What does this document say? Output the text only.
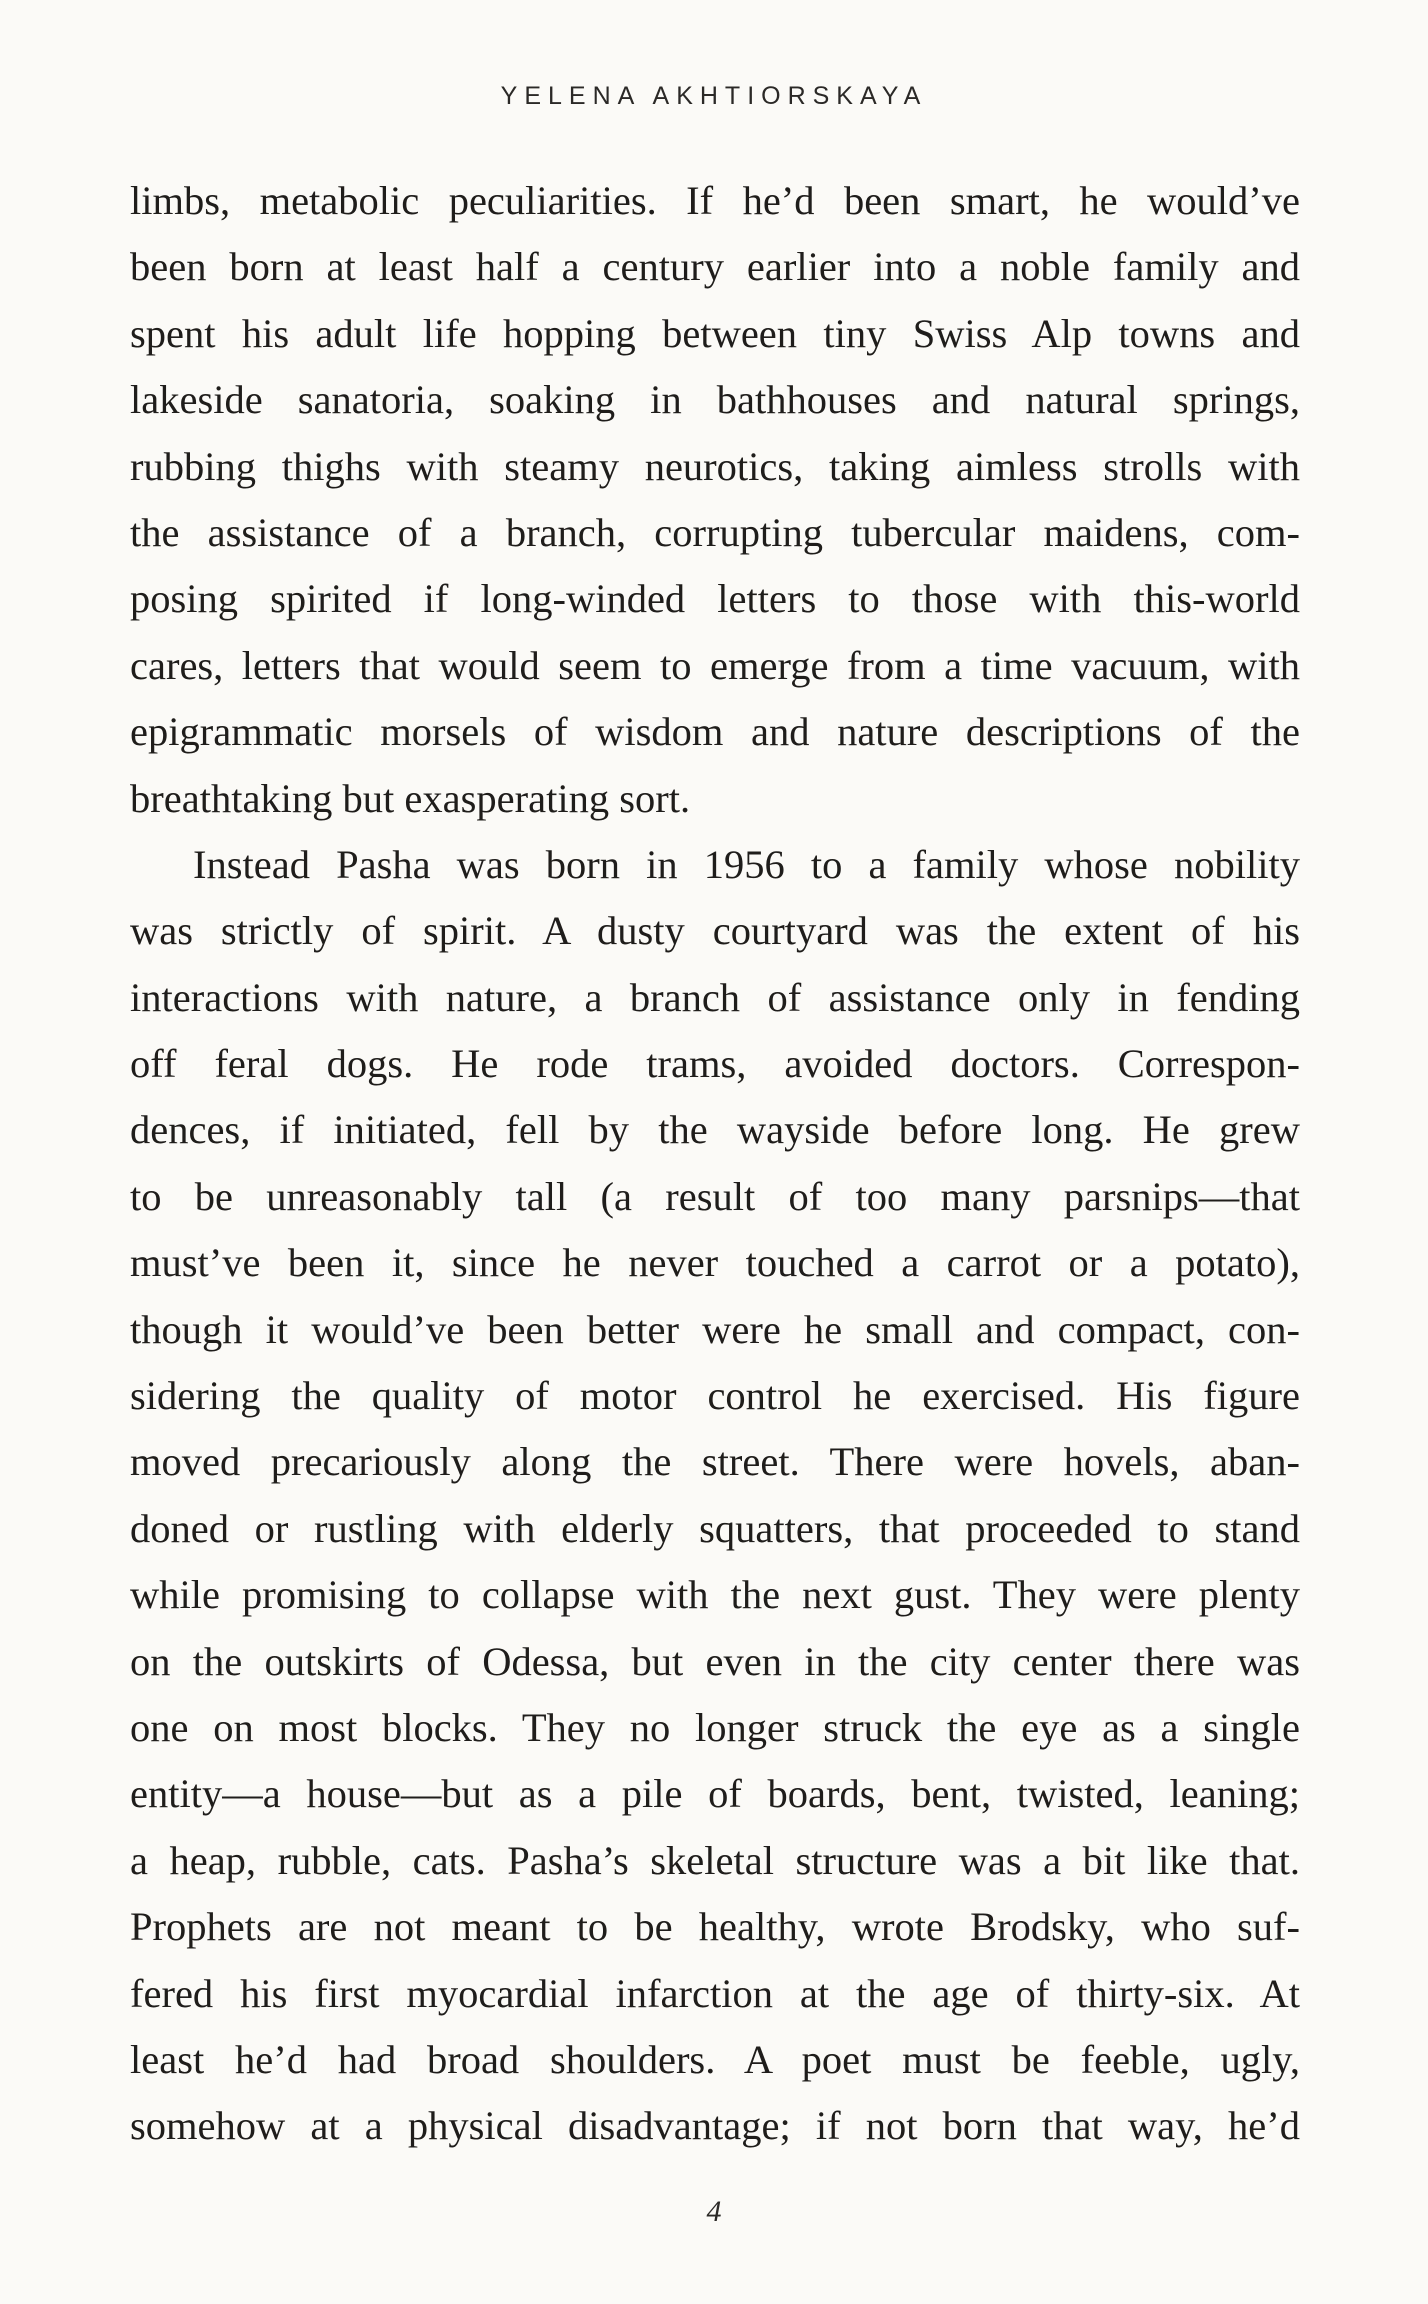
YELENA AKHTIORSKAYA
limbs, metabolic peculiarities. If he’d been smart, he would’ve
been born at least half a century earlier into a noble family and
spent his adult life hopping between tiny Swiss Alp towns and
lakeside sanatoria, soaking in bathhouses and natural springs,
rubbing thighs with steamy neurotics, taking aimless strolls with
the assistance of a branch, corrupting tubercular maidens, com-
posing spirited if long-winded letters to those with this-world
cares, letters that would seem to emerge from a time vacuum, with
epigrammatic morsels of wisdom and nature descriptions of the
breathtaking but exasperating sort.
Instead Pasha was born in 1956 to a family whose nobility
was strictly of spirit. A dusty courtyard was the extent of his
interactions with nature, a branch of assistance only in fending
off feral dogs. He rode trams, avoided doctors. Correspon-
dences, if initiated, fell by the wayside before long. He grew
to be unreasonably tall (a result of too many parsnips—that
must’ve been it, since he never touched a carrot or a potato),
though it would’ve been better were he small and compact, con-
sidering the quality of motor control he exercised. His figure
moved precariously along the street. There were hovels, aban-
doned or rustling with elderly squatters, that proceeded to stand
while promising to collapse with the next gust. They were plenty
on the outskirts of Odessa, but even in the city center there was
one on most blocks. They no longer struck the eye as a single
entity—a house—but as a pile of boards, bent, twisted, leaning;
a heap, rubble, cats. Pasha’s skeletal structure was a bit like that.
Prophets are not meant to be healthy, wrote Brodsky, who suf-
fered his first myocardial infarction at the age of thirty-six. At
least he’d had broad shoulders. A poet must be feeble, ugly,
somehow at a physical disadvantage; if not born that way, he’d
4
